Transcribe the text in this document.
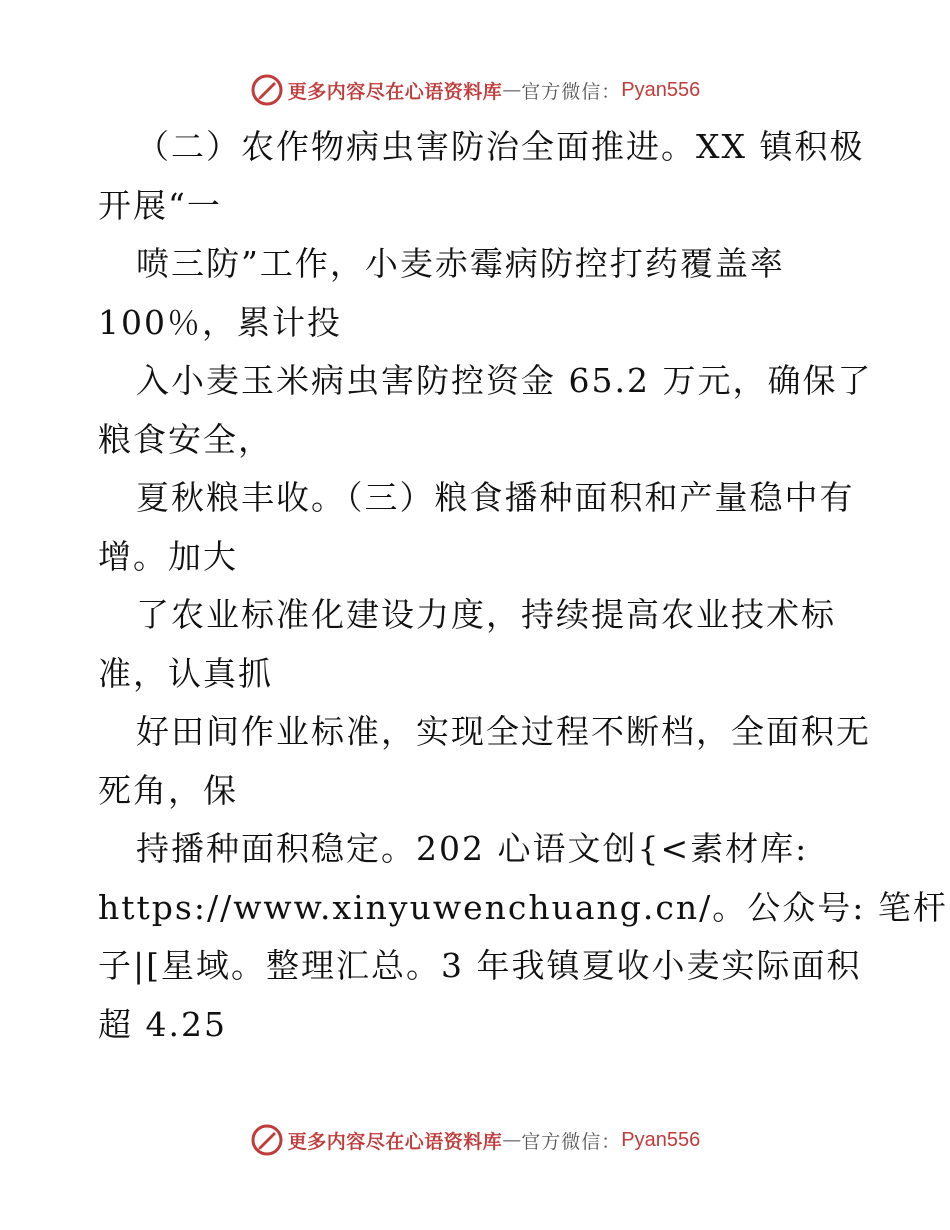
更多内容尽在心语资料库 — 官方微信： Pyan556
（二）农作物病虫害防治全面推进。XX 镇积极
开展“一
喷三防”工作，小麦赤霉病防控打药覆盖率
100％，累计投
入小麦玉米病虫害防控资金 65.2 万元，确保了
粮食安全，
夏秋粮丰收。（三）粮食播种面积和产量稳中有
增。加大
了农业标准化建设力度，持续提高农业技术标
准，认真抓
好田间作业标准，实现全过程不断档，全面积无
死角，保
持播种面积稳定。202 心语文创{<素材库:
https://www.xinyuwenchuang.cn/。公众号: 笔杆
子|[星域。整理汇总。3 年我镇夏收小麦实际面积
超 4.25
更多内容尽在心语资料库 — 官方微信： Pyan556
